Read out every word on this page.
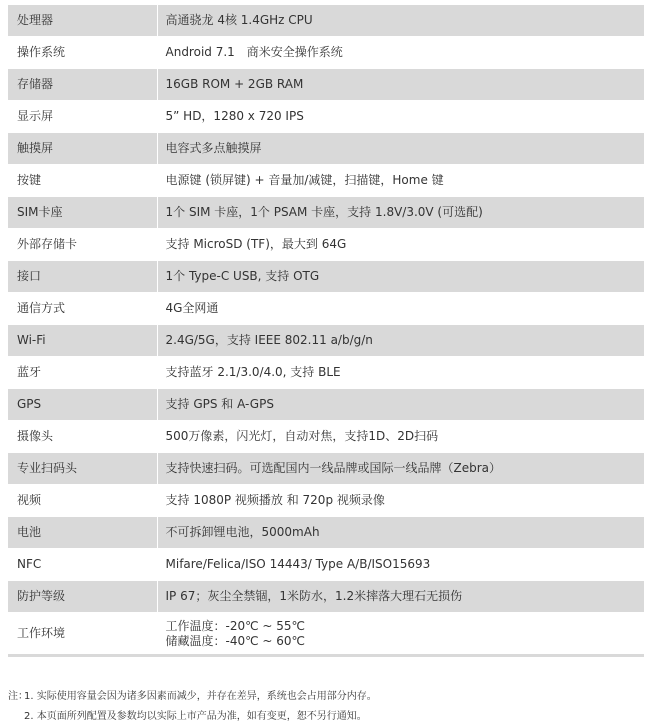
处理器	高通骁龙 4核 1.4GHz CPU
操作系统	Android 7.1　商米安全操作系统
存储器	16GB ROM + 2GB RAM
显示屏	5” HD，1280 x 720 IPS
触摸屏	电容式多点触摸屏
按键	电源键 (锁屏键) + 音量加/减键，扫描键，Home 键
SIM卡座	1个 SIM 卡座，1个 PSAM 卡座，支持 1.8V/3.0V (可选配)
外部存储卡	支持 MicroSD (TF)，最大到 64G
接口	1个 Type-C USB, 支持 OTG
通信方式	4G全网通
Wi-Fi	2.4G/5G，支持 IEEE 802.11 a/b/g/n
蓝牙	支持蓝牙 2.1/3.0/4.0, 支持 BLE
GPS	支持 GPS 和 A-GPS
摄像头	500万像素，闪光灯，自动对焦，支持1D、2D扫码
专业扫码头	支持快速扫码。可选配国内一线品牌或国际一线品牌（Zebra）
视频	支持 1080P 视频播放 和 720p 视频录像
电池	不可拆卸锂电池，5000mAh
NFC	Mifare/Felica/ISO 14443/ Type A/B/ISO15693
防护等级	IP 67；灰尘全禁锢，1米防水，1.2米摔落大理石无损伤
工作环境	工作温度：-20℃ ~ 55℃
储藏温度：-40℃ ~ 60℃
注：1. 实际使用容量会因为诸多因素而减少，并存在差异，系统也会占用部分内存。
2. 本页面所列配置及参数均以实际上市产品为准，如有变更，恕不另行通知。
